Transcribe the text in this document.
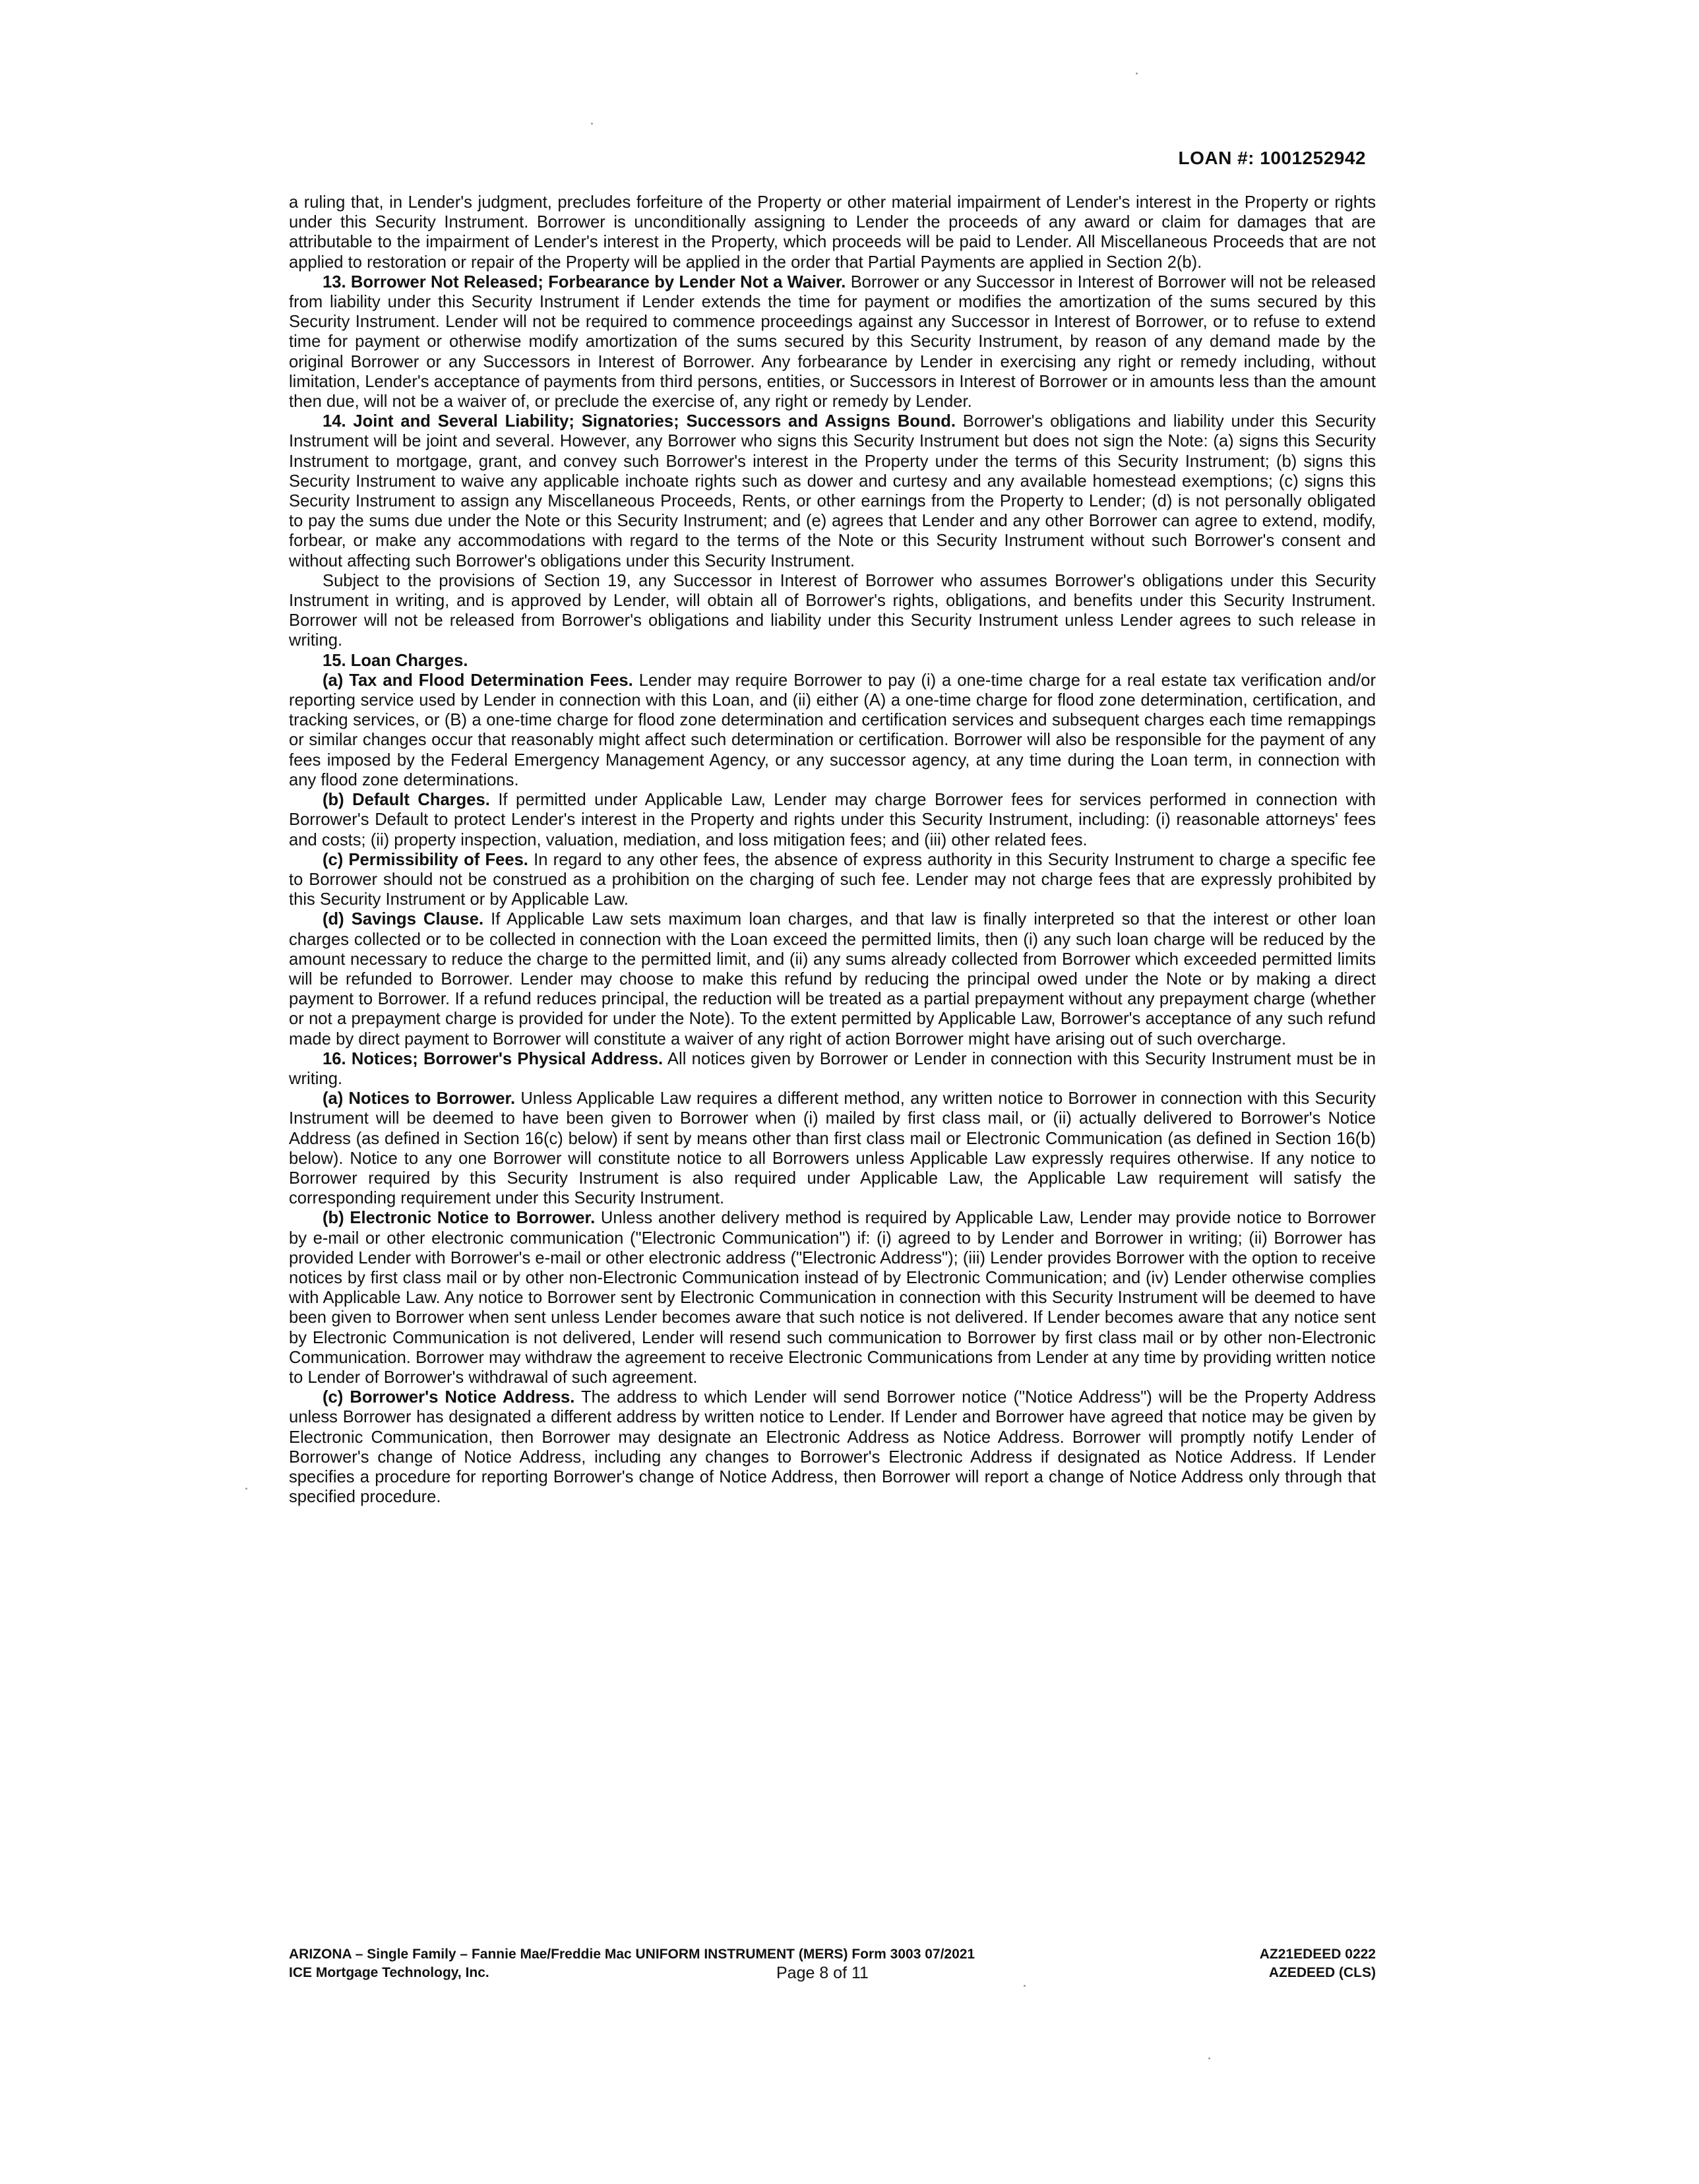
LOAN #: 1001252942

a ruling that, in Lender's judgment, precludes forfeiture of the Property or other material impairment of Lender's interest in the Property or rights under this Security Instrument. Borrower is unconditionally assigning to Lender the proceeds of any award or claim for damages that are attributable to the impairment of Lender's interest in the Property, which proceeds will be paid to Lender. All Miscellaneous Proceeds that are not applied to restoration or repair of the Property will be applied in the order that Partial Payments are applied in Section 2(b).

13. Borrower Not Released; Forbearance by Lender Not a Waiver. Borrower or any Successor in Interest of Borrower will not be released from liability under this Security Instrument if Lender extends the time for payment or modifies the amortization of the sums secured by this Security Instrument. Lender will not be required to commence proceedings against any Successor in Interest of Borrower, or to refuse to extend time for payment or otherwise modify amortization of the sums secured by this Security Instrument, by reason of any demand made by the original Borrower or any Successors in Interest of Borrower. Any forbearance by Lender in exercising any right or remedy including, without limitation, Lender's acceptance of payments from third persons, entities, or Successors in Interest of Borrower or in amounts less than the amount then due, will not be a waiver of, or preclude the exercise of, any right or remedy by Lender.

14. Joint and Several Liability; Signatories; Successors and Assigns Bound. Borrower's obligations and liability under this Security Instrument will be joint and several. However, any Borrower who signs this Security Instrument but does not sign the Note: (a) signs this Security Instrument to mortgage, grant, and convey such Borrower's interest in the Property under the terms of this Security Instrument; (b) signs this Security Instrument to waive any applicable inchoate rights such as dower and curtesy and any available homestead exemptions; (c) signs this Security Instrument to assign any Miscellaneous Proceeds, Rents, or other earnings from the Property to Lender; (d) is not personally obligated to pay the sums due under the Note or this Security Instrument; and (e) agrees that Lender and any other Borrower can agree to extend, modify, forbear, or make any accommodations with regard to the terms of the Note or this Security Instrument without such Borrower's consent and without affecting such Borrower's obligations under this Security Instrument.

Subject to the provisions of Section 19, any Successor in Interest of Borrower who assumes Borrower's obligations under this Security Instrument in writing, and is approved by Lender, will obtain all of Borrower's rights, obligations, and benefits under this Security Instrument. Borrower will not be released from Borrower's obligations and liability under this Security Instrument unless Lender agrees to such release in writing.

15. Loan Charges.

(a) Tax and Flood Determination Fees. Lender may require Borrower to pay (i) a one-time charge for a real estate tax verification and/or reporting service used by Lender in connection with this Loan, and (ii) either (A) a one-time charge for flood zone determination, certification, and tracking services, or (B) a one-time charge for flood zone determination and certification services and subsequent charges each time remappings or similar changes occur that reasonably might affect such determination or certification. Borrower will also be responsible for the payment of any fees imposed by the Federal Emergency Management Agency, or any successor agency, at any time during the Loan term, in connection with any flood zone determinations.

(b) Default Charges. If permitted under Applicable Law, Lender may charge Borrower fees for services performed in connection with Borrower's Default to protect Lender's interest in the Property and rights under this Security Instrument, including: (i) reasonable attorneys' fees and costs; (ii) property inspection, valuation, mediation, and loss mitigation fees; and (iii) other related fees.

(c) Permissibility of Fees. In regard to any other fees, the absence of express authority in this Security Instrument to charge a specific fee to Borrower should not be construed as a prohibition on the charging of such fee. Lender may not charge fees that are expressly prohibited by this Security Instrument or by Applicable Law.

(d) Savings Clause. If Applicable Law sets maximum loan charges, and that law is finally interpreted so that the interest or other loan charges collected or to be collected in connection with the Loan exceed the permitted limits, then (i) any such loan charge will be reduced by the amount necessary to reduce the charge to the permitted limit, and (ii) any sums already collected from Borrower which exceeded permitted limits will be refunded to Borrower. Lender may choose to make this refund by reducing the principal owed under the Note or by making a direct payment to Borrower. If a refund reduces principal, the reduction will be treated as a partial prepayment without any prepayment charge (whether or not a prepayment charge is provided for under the Note). To the extent permitted by Applicable Law, Borrower's acceptance of any such refund made by direct payment to Borrower will constitute a waiver of any right of action Borrower might have arising out of such overcharge.

16. Notices; Borrower's Physical Address. All notices given by Borrower or Lender in connection with this Security Instrument must be in writing.

(a) Notices to Borrower. Unless Applicable Law requires a different method, any written notice to Borrower in connection with this Security Instrument will be deemed to have been given to Borrower when (i) mailed by first class mail, or (ii) actually delivered to Borrower's Notice Address (as defined in Section 16(c) below) if sent by means other than first class mail or Electronic Communication (as defined in Section 16(b) below). Notice to any one Borrower will constitute notice to all Borrowers unless Applicable Law expressly requires otherwise. If any notice to Borrower required by this Security Instrument is also required under Applicable Law, the Applicable Law requirement will satisfy the corresponding requirement under this Security Instrument.

(b) Electronic Notice to Borrower. Unless another delivery method is required by Applicable Law, Lender may provide notice to Borrower by e-mail or other electronic communication ("Electronic Communication") if: (i) agreed to by Lender and Borrower in writing; (ii) Borrower has provided Lender with Borrower's e-mail or other electronic address ("Electronic Address"); (iii) Lender provides Borrower with the option to receive notices by first class mail or by other non-Electronic Communication instead of by Electronic Communication; and (iv) Lender otherwise complies with Applicable Law. Any notice to Borrower sent by Electronic Communication in connection with this Security Instrument will be deemed to have been given to Borrower when sent unless Lender becomes aware that such notice is not delivered. If Lender becomes aware that any notice sent by Electronic Communication is not delivered, Lender will resend such communication to Borrower by first class mail or by other non-Electronic Communication. Borrower may withdraw the agreement to receive Electronic Communications from Lender at any time by providing written notice to Lender of Borrower's withdrawal of such agreement.

(c) Borrower's Notice Address. The address to which Lender will send Borrower notice ("Notice Address") will be the Property Address unless Borrower has designated a different address by written notice to Lender. If Lender and Borrower have agreed that notice may be given by Electronic Communication, then Borrower may designate an Electronic Address as Notice Address. Borrower will promptly notify Lender of Borrower's change of Notice Address, including any changes to Borrower's Electronic Address if designated as Notice Address. If Lender specifies a procedure for reporting Borrower's change of Notice Address, then Borrower will report a change of Notice Address only through that specified procedure.

ARIZONA – Single Family – Fannie Mae/Freddie Mac UNIFORM INSTRUMENT (MERS) Form 3003 07/2021
ICE Mortgage Technology, Inc.	Page 8 of 11
AZ21EDEED 0222
AZEDEED (CLS)
